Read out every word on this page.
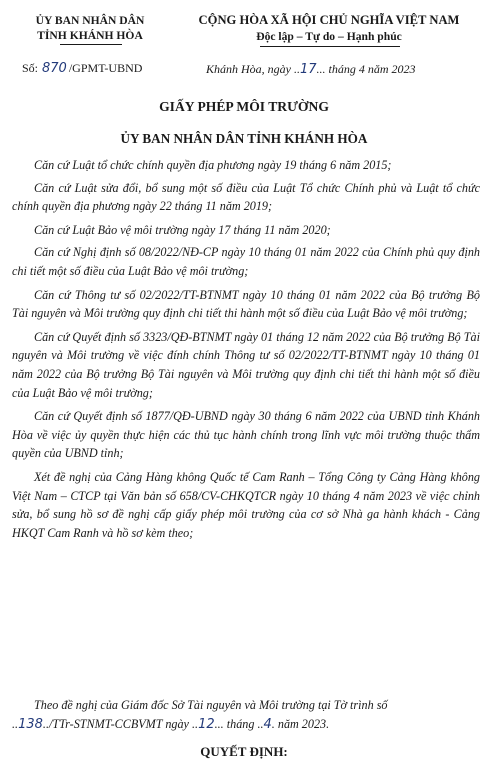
ỦY BAN NHÂN DÂN
TỈNH KHÁNH HÒA
CỘNG HÒA XÃ HỘI CHỦ NGHĨA VIỆT NAM
Độc lập – Tự do – Hạnh phúc
Số: 870 /GPMT-UBND	Khánh Hòa, ngày ..17... tháng 4 năm 2023
GIẤY PHÉP MÔI TRƯỜNG
ỦY BAN NHÂN DÂN TỈNH KHÁNH HÒA

Căn cứ Luật tổ chức chính quyền địa phương ngày 19 tháng 6 năm 2015;

Căn cứ Luật sửa đổi, bổ sung một số điều của Luật Tổ chức Chính phủ và Luật tổ chức chính quyền địa phương ngày 22 tháng 11 năm 2019;

Căn cứ Luật Bảo vệ môi trường ngày 17 tháng 11 năm 2020;

Căn cứ Nghị định số 08/2022/NĐ-CP ngày 10 tháng 01 năm 2022 của Chính phủ quy định chi tiết một số điều của Luật Bảo vệ môi trường;

Căn cứ Thông tư số 02/2022/TT-BTNMT ngày 10 tháng 01 năm 2022 của Bộ trưởng Bộ Tài nguyên và Môi trường quy định chi tiết thi hành một số điều của Luật Bảo vệ môi trường;

Căn cứ Quyết định số 3323/QĐ-BTNMT ngày 01 tháng 12 năm 2022 của Bộ trưởng Bộ Tài nguyên và Môi trường về việc đính chính Thông tư số 02/2022/TT-BTNMT ngày 10 tháng 01 năm 2022 của Bộ trưởng Bộ Tài nguyên và Môi trường quy định chi tiết thi hành một số điều của Luật Bảo vệ môi trường;

Căn cứ Quyết định số 1877/QĐ-UBND ngày 30 tháng 6 năm 2022 của UBND tỉnh Khánh Hòa về việc ủy quyền thực hiện các thủ tục hành chính trong lĩnh vực môi trường thuộc thẩm quyền của UBND tỉnh;

Xét đề nghị của Cảng Hàng không Quốc tế Cam Ranh – Tổng Công ty Cảng Hàng không Việt Nam – CTCP tại Văn bản số 658/CV-CHKQTCR ngày 10 tháng 4 năm 2023 về việc chỉnh sửa, bổ sung hồ sơ đề nghị cấp giấy phép môi trường của cơ sở Nhà ga hành khách - Cảng HKQT Cam Ranh và hồ sơ kèm theo;

Theo đề nghị của Giám đốc Sở Tài nguyên và Môi trường tại Tờ trình số
..138../TTr-STNMT-CCBVMT ngày ..12... tháng ..4. năm 2023.
QUYẾT ĐỊNH:
